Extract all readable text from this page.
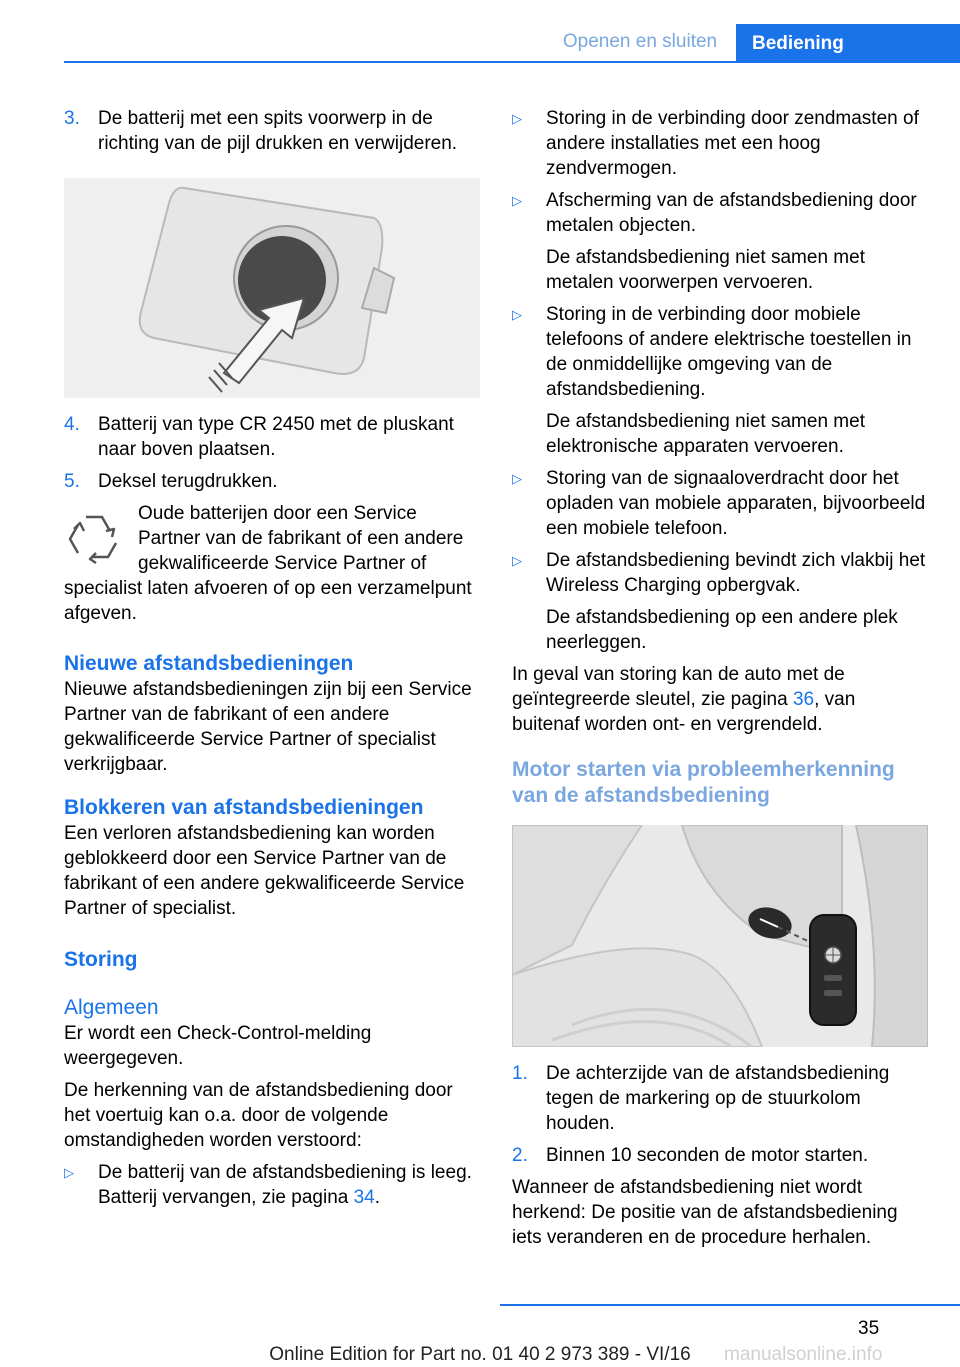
Openen en sluiten	Bediening
3. De batterij met een spits voorwerp in de richting van de pijl drukken en verwijderen.
4. Batterij van type CR 2450 met de pluskant naar boven plaatsen.
5. Deksel terugdrukken.

Oude batterijen door een Service Partner van de fabrikant of een andere gekwalificeerde Service Partner of specialist laten afvoeren of op een verzamelpunt afgeven.

Nieuwe afstandsbedieningen

Nieuwe afstandsbedieningen zijn bij een Service Partner van de fabrikant of een andere gekwalificeerde Service Partner of specialist verkrijgbaar.

Blokkeren van afstandsbedieningen

Een verloren afstandsbediening kan worden geblokkeerd door een Service Partner van de fabrikant of een andere gekwalificeerde Service Partner of specialist.

Storing
Algemeen

Er wordt een Check-Control-melding weergegeven.

De herkenning van de afstandsbediening door het voertuig kan o.a. door de volgende omstandigheden worden verstoord:

▷ De batterij van de afstandsbediening is leeg. Batterij vervangen, zie pagina 34.
▷ Storing in de verbinding door zendmasten of andere installaties met een hoog zendvermogen.
▷ Afscherming van de afstandsbediening door metalen objecten.

De afstandsbediening niet samen met metalen voorwerpen vervoeren.

▷ Storing in de verbinding door mobiele telefoons of andere elektrische toestellen in de onmiddellijke omgeving van de afstandsbediening.

De afstandsbediening niet samen met elektronische apparaten vervoeren.

▷ Storing van de signaaloverdracht door het opladen van mobiele apparaten, bijvoorbeeld een mobiele telefoon.
▷ De afstandsbediening bevindt zich vlakbij het Wireless Charging opbergvak.

De afstandsbediening op een andere plek neerleggen.

In geval van storing kan de auto met de geïntegreerde sleutel, zie pagina 36, van buitenaf worden ont- en vergrendeld.

Motor starten via probleemherkenning van de afstandsbediening
1. De achterzijde van de afstandsbediening tegen de markering op de stuurkolom houden.
2. Binnen 10 seconden de motor starten.

Wanneer de afstandsbediening niet wordt herkend: De positie van de afstandsbediening iets veranderen en de procedure herhalen.

35
Online Edition for Part no. 01 40 2 973 389 - VI/16	manualsonline.info
